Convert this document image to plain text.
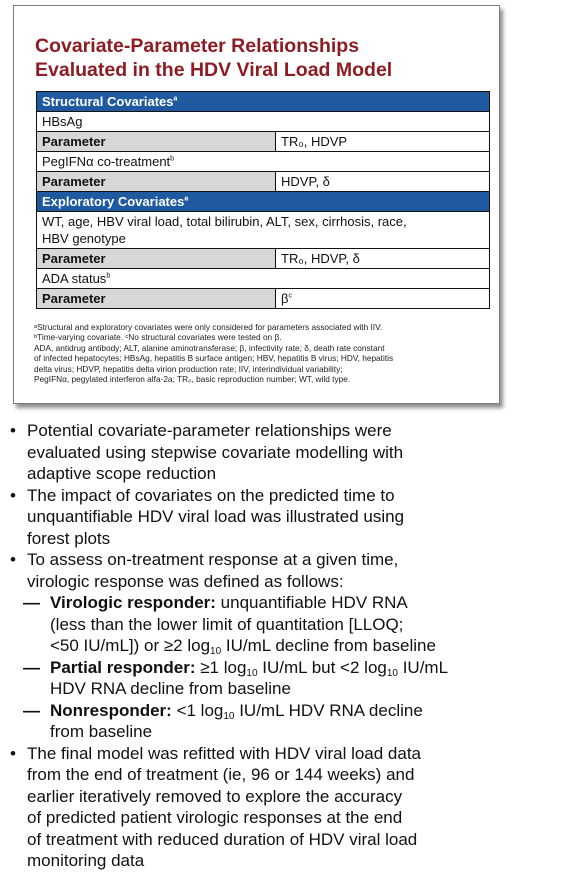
Covariate-Parameter Relationships
Evaluated in the HDV Viral Load Model
Structural Covariates$^a$
HBsAg	
Parameter	TR₀, HDVP
PegIFNα co-treatment$^b$
Parameter	HDVP, δ
Exploratory Covariates$^a$
WT, age, HBV viral load, total bilirubin, ALT, sex, cirrhosis, race,
HBV genotype	
Parameter	TR₀, HDVP, δ
ADA status$^b$
Parameter	$\beta^c$

ᵃStructural and exploratory covariates were only considered for parameters associated with IIV.

ᵇTime-varying covariate. ᶜNo structural covariates were tested on β.

ADA, antidrug antibody; ALT, alanine aminotransferase; β, infectivity rate; δ, death rate constant

of infected hepatocytes; HBsAg, hepatitis B surface antigen; HBV, hepatitis B virus; HDV, hepatitis

delta virus; HDVP, hepatitis delta virion production rate; IIV, interindividual variability;

PegIFNα, pegylated interferon alfa-2a; TR₀, basic reproduction number; WT, wild type.

• Potential covariate-parameter relationships were
evaluated using stepwise covariate modelling with
adaptive scope reduction
• The impact of covariates on the predicted time to
unquantifiable HDV viral load was illustrated using
forest plots
• To assess on-treatment response at a given time,
virologic response was defined as follows:
— Virologic responder: unquantifiable HDV RNA
(less than the lower limit of quantitation [LLOQ;
<50 IU/mL]) or ≥2 log10 IU/mL decline from baseline
— Partial responder: ≥1 log10 IU/mL but <2 log10 IU/mL
HDV RNA decline from baseline
— Nonresponder: <1 log10 IU/mL HDV RNA decline
from baseline
• The final model was refitted with HDV viral load data
from the end of treatment (ie, 96 or 144 weeks) and
earlier iteratively removed to explore the accuracy
of predicted patient virologic responses at the end
of treatment with reduced duration of HDV viral load
monitoring data
